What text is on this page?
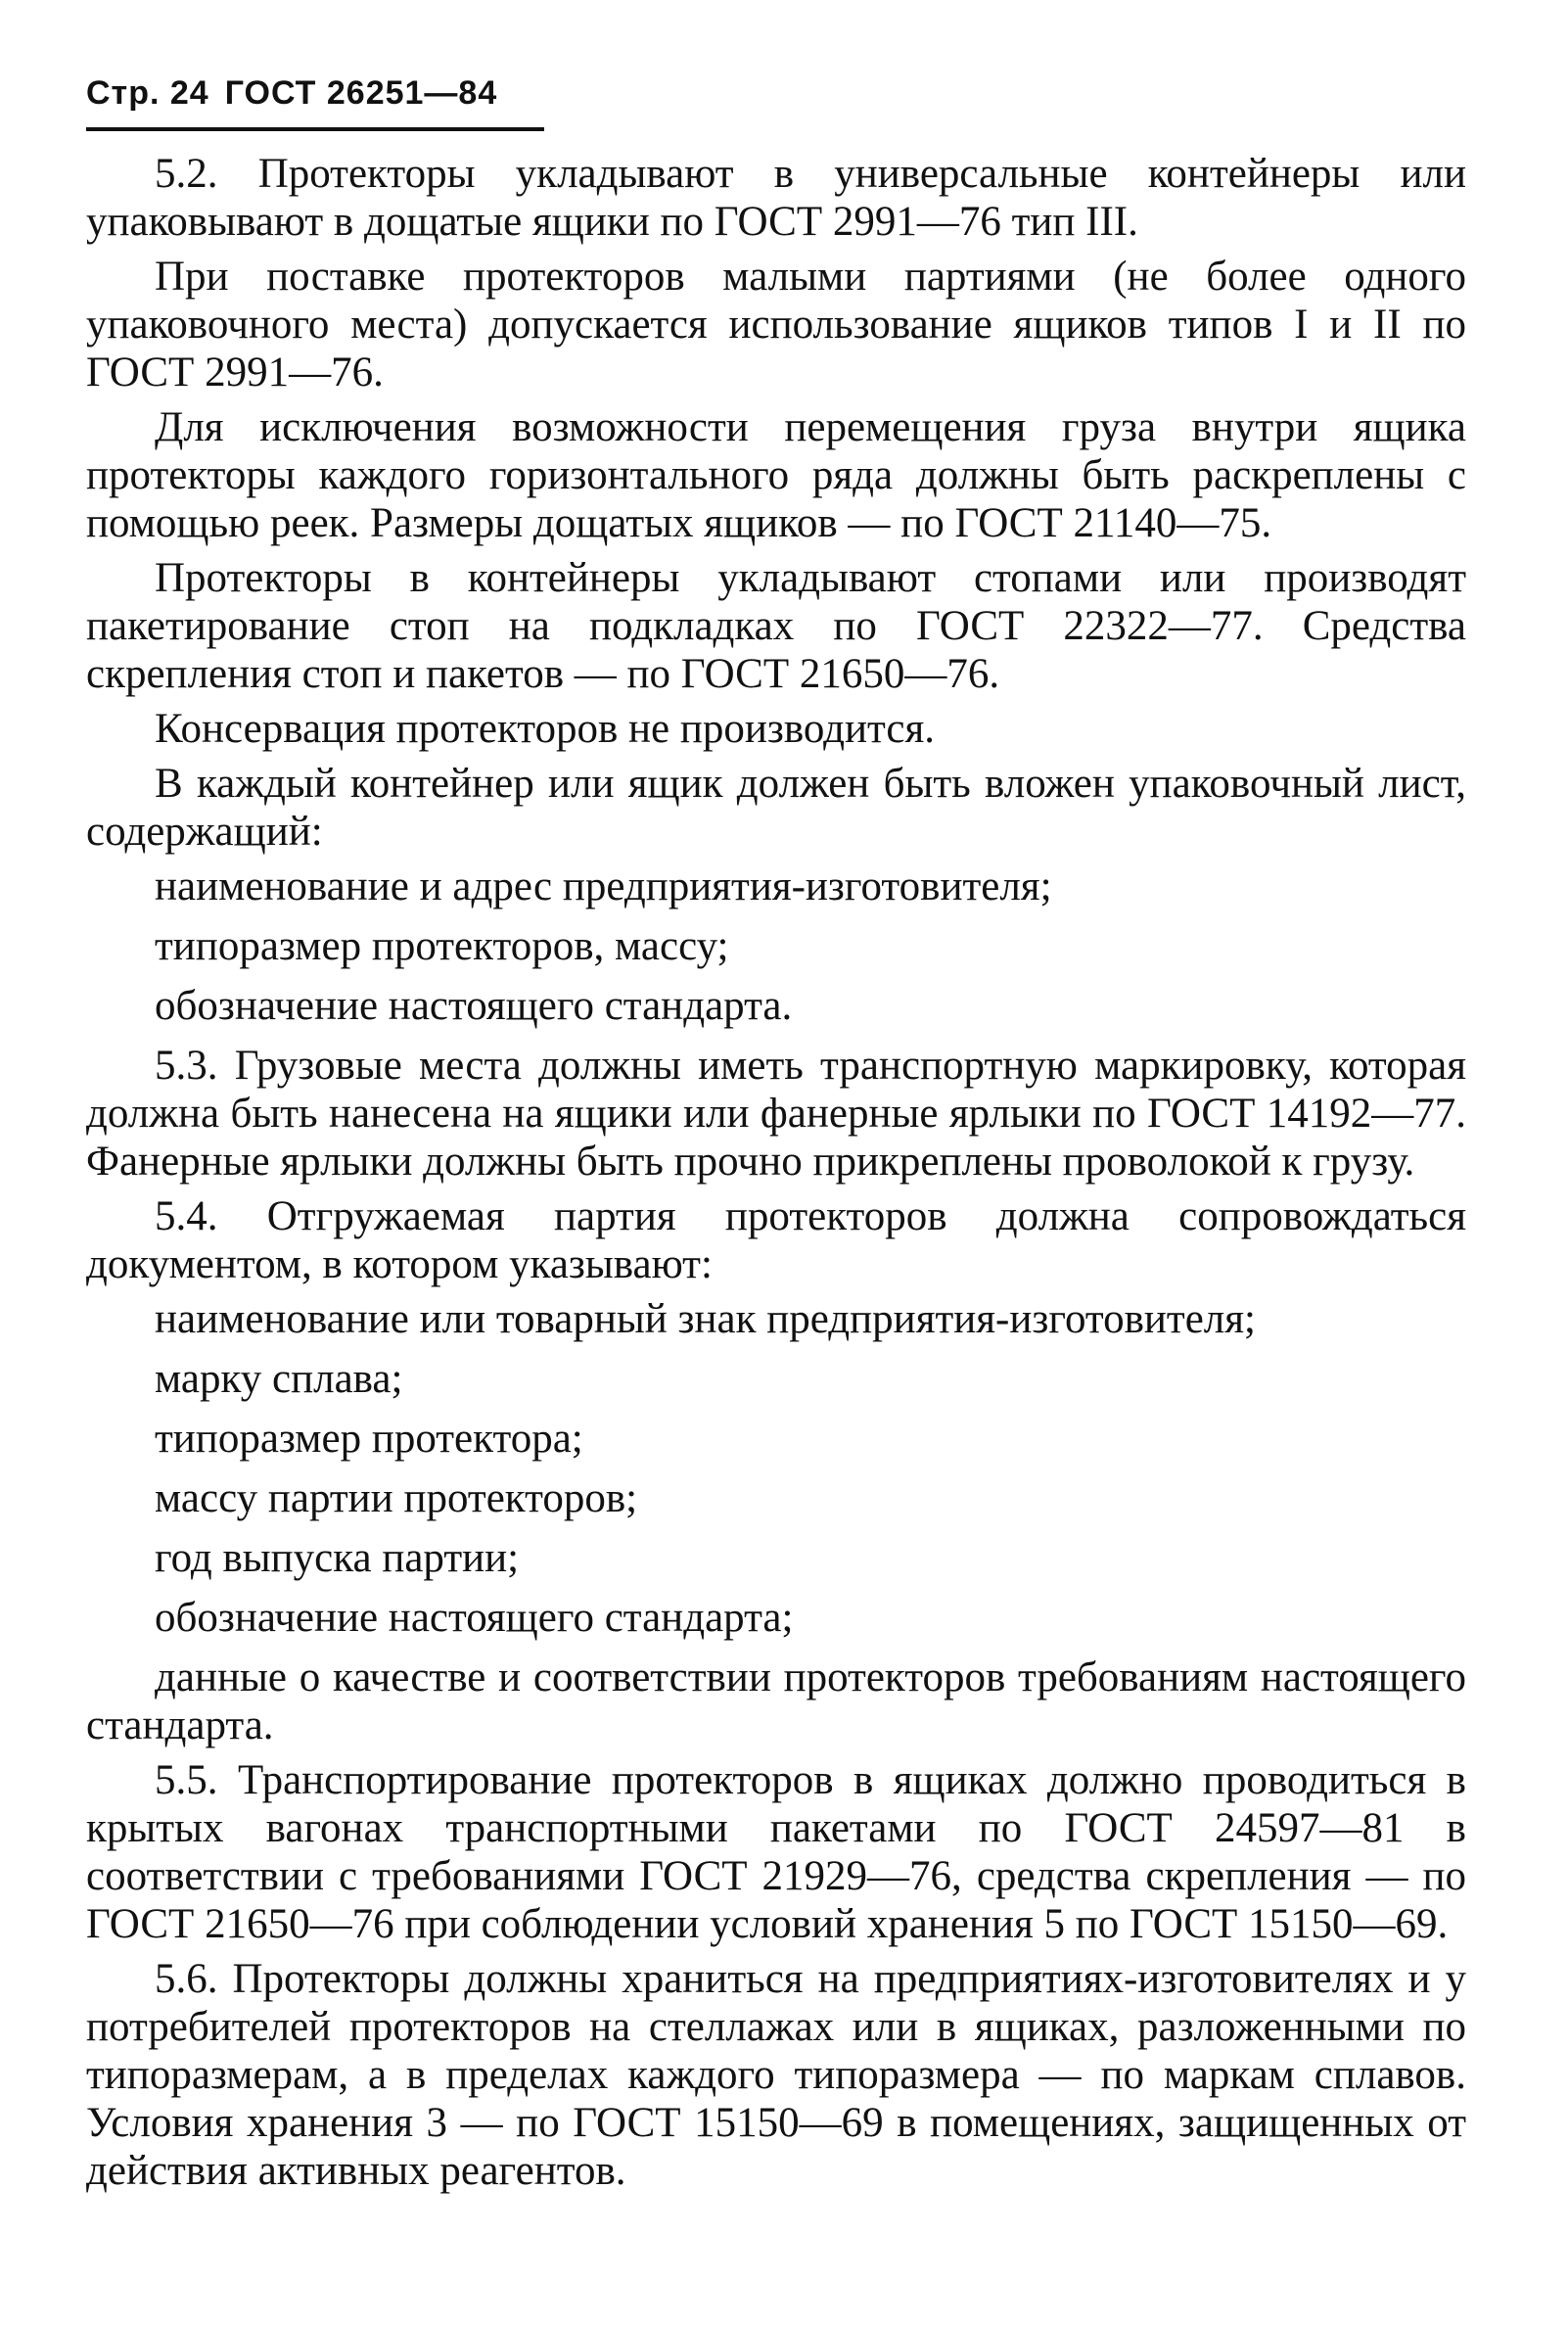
Стр. 24 ГОСТ 26251—84

5.2. Протекторы укладывают в универсальные контейнеры или упаковывают в дощатые ящики по ГОСТ 2991—76 тип III.

При поставке протекторов малыми партиями (не более одного упаковочного места) допускается использование ящиков типов I и II по ГОСТ 2991—76.

Для исключения возможности перемещения груза внутри ящика протекторы каждого горизонтального ряда должны быть раскреплены с помощью реек. Размеры дощатых ящиков — по ГОСТ 21140—75.

Протекторы в контейнеры укладывают стопами или производят пакетирование стоп на подкладках по ГОСТ 22322—77. Средства скрепления стоп и пакетов — по ГОСТ 21650—76.

Консервация протекторов не производится.

В каждый контейнер или ящик должен быть вложен упаковочный лист, содержащий:

наименование и адрес предприятия-изготовителя;

типоразмер протекторов, массу;

обозначение настоящего стандарта.

5.3. Грузовые места должны иметь транспортную маркировку, которая должна быть нанесена на ящики или фанерные ярлыки по ГОСТ 14192—77. Фанерные ярлыки должны быть прочно прикреплены проволокой к грузу.

5.4. Отгружаемая партия протекторов должна сопровождаться документом, в котором указывают:

наименование или товарный знак предприятия-изготовителя;

марку сплава;

типоразмер протектора;

массу партии протекторов;

год выпуска партии;

обозначение настоящего стандарта;

данные о качестве и соответствии протекторов требованиям настоящего стандарта.

5.5. Транспортирование протекторов в ящиках должно проводиться в крытых вагонах транспортными пакетами по ГОСТ 24597—81 в соответствии с требованиями ГОСТ 21929—76, средства скрепления — по ГОСТ 21650—76 при соблюдении условий хранения 5 по ГОСТ 15150—69.

5.6. Протекторы должны храниться на предприятиях-изготовителях и у потребителей протекторов на стеллажах или в ящиках, разложенными по типоразмерам, а в пределах каждого типоразмера — по маркам сплавов. Условия хранения 3 — по ГОСТ 15150—69 в помещениях, защищенных от действия активных реагентов.
